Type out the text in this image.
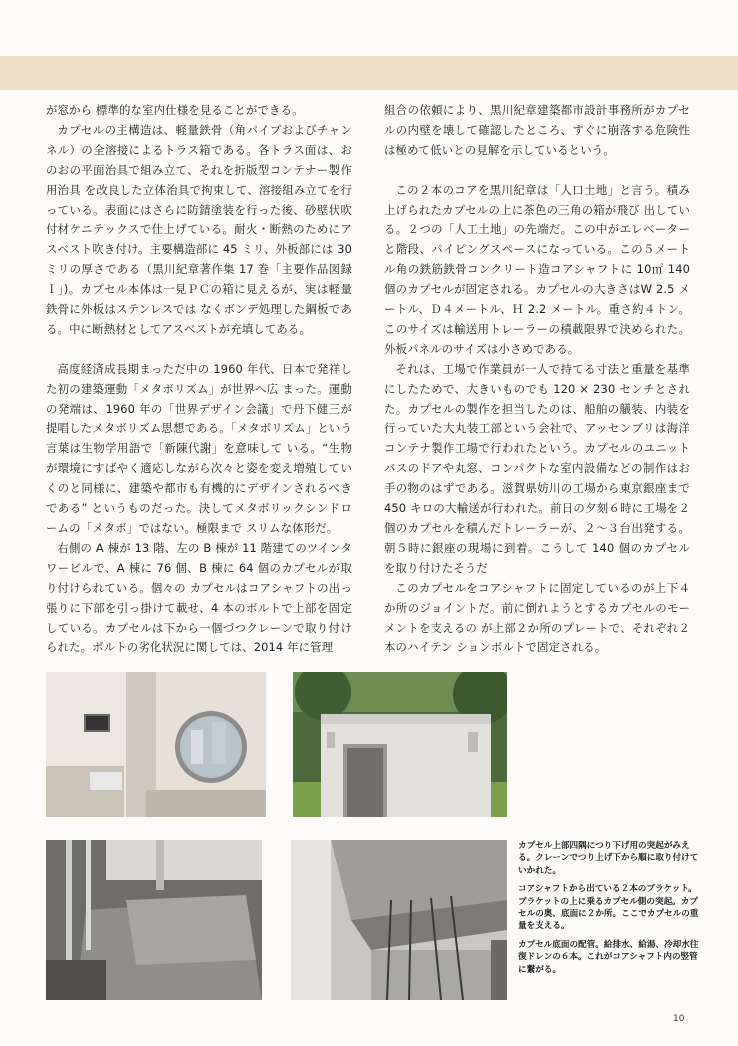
が窓から 標準的な室内仕様を見ることができる。

カプセルの主構造は、軽量鉄骨（角パイプおよびチャンネル）の全溶接によるトラス箱である。各トラス面は、おのおの平面治具で組み立て、それを折版型コンテナー製作用治具 を改良した立体治具で拘束して、溶接組み立てを行っている。表面にはさらに防錆塗装を行った後、砂壁状吹付材ケニテックスで仕上げている。耐火・断熱のためにアスベスト吹き付け。主要構造部に 45 ミリ、外板部には 30 ミリの厚さである（黒川紀章著作集 17 巻「主要作品図録Ｉ」)。カプセル本体は一見ＰＣの箱に見えるが、実は軽量鉄骨に外板はステンレスでは なくボンデ処理した鋼板である。中に断熱材としてアスベストが充填してある。

高度経済成長期まっただ中の 1960 年代、日本で発祥した初の建築運動「メタボリズム」が世界へ広 まった。運動の発端は、1960 年の「世界デザイン会議」で丹下健三が提唱したメタボリズム思想である。「メタボリズム」という言葉は生物学用語で「新陳代謝」を意味して いる。“生物が環境にすばやく適応しながら次々と姿を変え増殖していくのと同様に、建築や都市も有機的にデザインされるべきである” というものだった。決してメタボリックシンドロームの「メタボ」ではない。極限まで スリムな体形だ。

右側の A 棟が 13 階、左の B 棟が 11 階建てのツインタワービルで、A 棟に 76 個、B 棟に 64 個のカプセルが取り付けられている。個々の カプセルはコアシャフトの出っ張りに下部を引っ掛けて載せ、4 本のボルトで上部を固定している。カプセルは下から一個づつクレーンで取り付けられた。ボルトの劣化状況に関しては、2014 年に管理

組合の依頼により、黒川紀章建築都市設計事務所がカプセルの内壁を壊して確認したところ、すぐに崩落する危険性は極めて低いとの見解を示しているという。

この２本のコアを黒川紀章は「人口土地」と言う。積み上げられたカプセルの上に茶色の三角の箱が飛び 出している。２つの「人工土地」の先端だ。この中がエレベーターと階段、パイピングスペースになっている。この５メートル角の鉄筋鉄骨コンクリート造コアシャフトに 10㎡ 140 個のカプセルが固定される。カプセルの大きさはW 2.5 メートル、Ｄ４メートル、Ｈ 2.2 メートル。重さ約４トン。このサイズは輸送用トレーラーの積載限界で決められた。外板パネルのサイズは小さめである。

それは、工場で作業員が一人で持てる寸法と重量を基準にしたためで、大きいものでも 120 × 230 センチとされた。カプセルの製作を担当したのは、船舶の艤装、内装を行っていた大丸装工部という会社で、アッセンブリは海洋コンテナ製作工場で行われたという。カプセルのユニットバスのドアや丸窓、コンパクトな室内設備などの制作はお手の物のはずである。滋賀県妨川の工場から東京銀座まで 450 キロの大輸送が行われた。前日の夕刻６時に工場を２個のカプセルを積んだトレーラーが、２～３台出発する。朝５時に銀座の現場に到着。こうして 140 個のカプセルを取り付けたそうだ

このカプセルをコアシャフトに固定しているのが上下４か所のジョイントだ。前に倒れようとするカプセルのモーメントを支えるの が上部２か所のプレートで、それぞれ２本のハイテン ションボルトで固定される。

カプセル上部四隅につり下げ用の突起がみえる。クレーンでつり上げ下から順に取り付けていかれた。

コアシャフトから出ている２本のブラケット。ブラケットの上に乗るカプセル側の突起。カプセルの奥、底面に２か所。ここでカプセルの重量を支える。

カプセル底面の配管。給排水、給湯、冷却水往復ドレンの６本。これがコアシャフト内の竪管に繋がる。

10
